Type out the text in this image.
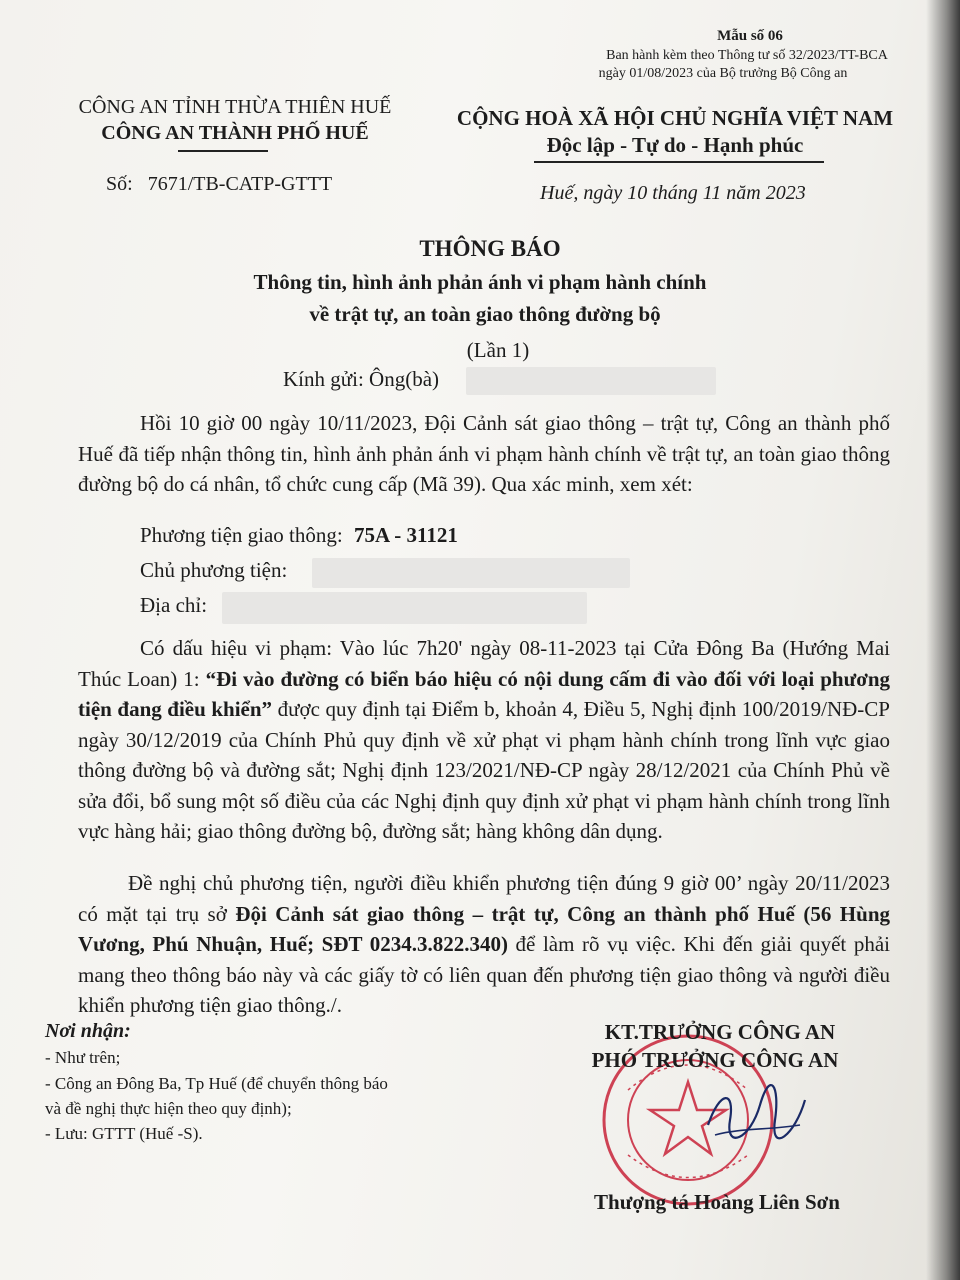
Mẫu số 06
Ban hành kèm theo Thông tư số 32/2023/TT-BCA
ngày 01/08/2023 của Bộ trưởng Bộ Công an
CÔNG AN TỈNH THỪA THIÊN HUẾ
CÔNG AN THÀNH PHỐ HUẾ
Số: 7671/TB-CATP-GTTT
CỘNG HOÀ XÃ HỘI CHỦ NGHĨA VIỆT NAM
Độc lập - Tự do - Hạnh phúc
Huế, ngày 10 tháng 11 năm 2023
THÔNG BÁO
Thông tin, hình ảnh phản ánh vi phạm hành chính
về trật tự, an toàn giao thông đường bộ
(Lần 1)
Kính gửi: Ông(bà)

Hồi 10 giờ 00 ngày 10/11/2023, Đội Cảnh sát giao thông – trật tự, Công an thành phố Huế đã tiếp nhận thông tin, hình ảnh phản ánh vi phạm hành chính về trật tự, an toàn giao thông đường bộ do cá nhân, tổ chức cung cấp (Mã 39). Qua xác minh, xem xét:

Phương tiện giao thông: 75A - 31121
Chủ phương tiện:
Địa chỉ:

Có dấu hiệu vi phạm: Vào lúc 7h20' ngày 08-11-2023 tại Cửa Đông Ba (Hướng Mai Thúc Loan) 1: “Đi vào đường có biển báo hiệu có nội dung cấm đi vào đối với loại phương tiện đang điều khiển” được quy định tại Điểm b, khoản 4, Điều 5, Nghị định 100/2019/NĐ-CP ngày 30/12/2019 của Chính Phủ quy định về xử phạt vi phạm hành chính trong lĩnh vực giao thông đường bộ và đường sắt; Nghị định 123/2021/NĐ-CP ngày 28/12/2021 của Chính Phủ về sửa đổi, bổ sung một số điều của các Nghị định quy định xử phạt vi phạm hành chính trong lĩnh vực hàng hải; giao thông đường bộ, đường sắt; hàng không dân dụng.

Đề nghị chủ phương tiện, người điều khiển phương tiện đúng 9 giờ 00’ ngày 20/11/2023 có mặt tại trụ sở Đội Cảnh sát giao thông – trật tự, Công an thành phố Huế (56 Hùng Vương, Phú Nhuận, Huế; SĐT 0234.3.822.340) để làm rõ vụ việc. Khi đến giải quyết phải mang theo thông báo này và các giấy tờ có liên quan đến phương tiện giao thông và người điều khiển phương tiện giao thông./.

Nơi nhận:
- Như trên;
- Công an Đông Ba, Tp Huế (để chuyển thông báo
và đề nghị thực hiện theo quy định);
- Lưu: GTTT (Huế -S).
KT.TRƯỞNG CÔNG AN
PHÓ TRƯỞNG CÔNG AN
Thượng tá Hoàng Liên Sơn
